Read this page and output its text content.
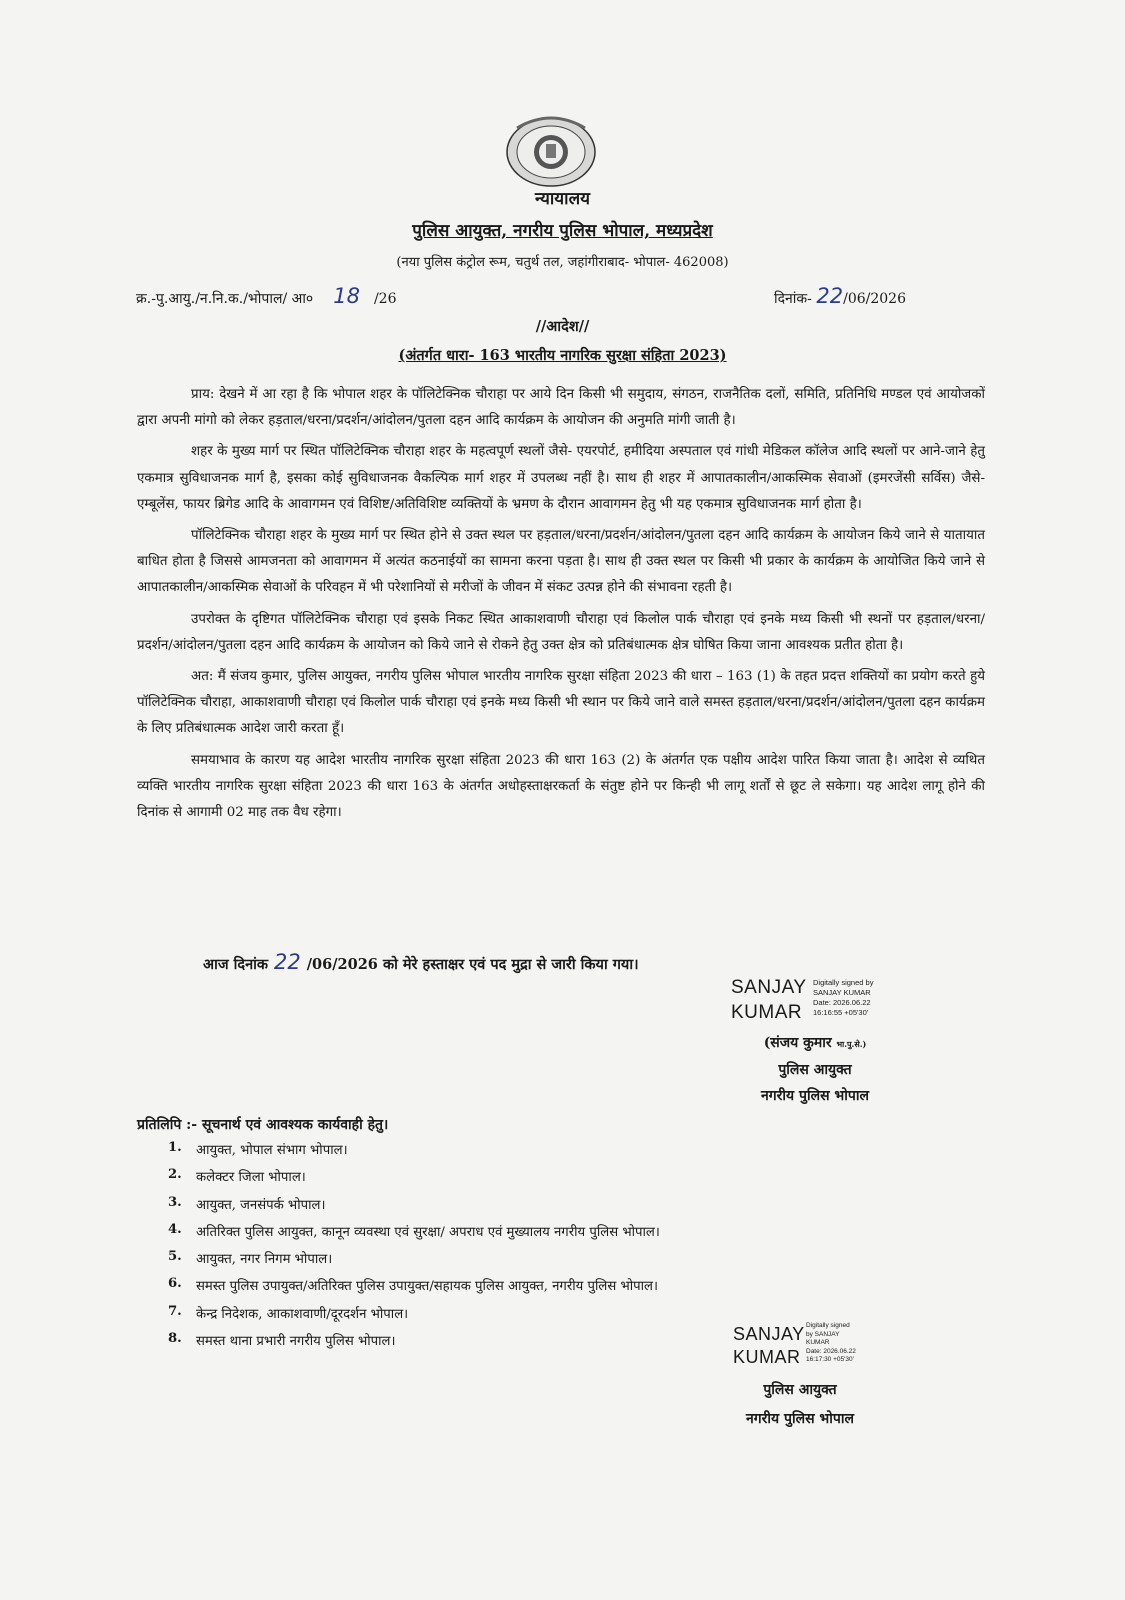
न्यायालय
पुलिस आयुक्त, नगरीय पुलिस भोपाल, मध्यप्रदेश
(नया पुलिस कंट्रोल रूम, चतुर्थ तल, जहांगीराबाद- भोपाल- 462008)
क्र.-पु.आयु./न.नि.क./भोपाल/ आ० 18 /26	दिनांक- 22/06/2026
//आदेश//
(अंतर्गत धारा- 163 भारतीय नागरिक सुरक्षा संहिता 2023)

प्राय: देखने में आ रहा है कि भोपाल शहर के पॉलिटेक्निक चौराहा पर आये दिन किसी भी समुदाय, संगठन, राजनैतिक दलों, समिति, प्रतिनिधि मण्डल एवं आयोजकों द्वारा अपनी मांगो को लेकर हड़ताल/धरना/प्रदर्शन/आंदोलन/पुतला दहन आदि कार्यक्रम के आयोजन की अनुमति मांगी जाती है।

शहर के मुख्य मार्ग पर स्थित पॉलिटेक्निक चौराहा शहर के महत्वपूर्ण स्थलों जैसे- एयरपोर्ट, हमीदिया अस्पताल एवं गांधी मेडिकल कॉलेज आदि स्थलों पर आने-जाने हेतु एकमात्र सुविधाजनक मार्ग है, इसका कोई सुविधाजनक वैकल्पिक मार्ग शहर में उपलब्ध नहीं है। साथ ही शहर में आपातकालीन/आकस्मिक सेवाओं (इमरजेंसी सर्विस) जैसे- एम्बूलेंस, फायर ब्रिगेड आदि के आवागमन एवं विशिष्ट/अतिविशिष्ट व्यक्तियों के भ्रमण के दौरान आवागमन हेतु भी यह एकमात्र सुविधाजनक मार्ग होता है।

पॉलिटेक्निक चौराहा शहर के मुख्य मार्ग पर स्थित होने से उक्त स्थल पर हड़ताल/धरना/प्रदर्शन/आंदोलन/पुतला दहन आदि कार्यक्रम के आयोजन किये जाने से यातायात बाधित होता है जिससे आमजनता को आवागमन में अत्यंत कठनाईयों का सामना करना पड़ता है। साथ ही उक्त स्थल पर किसी भी प्रकार के कार्यक्रम के आयोजित किये जाने से आपातकालीन/आकस्मिक सेवाओं के परिवहन में भी परेशानियों से मरीजों के जीवन में संकट उत्पन्न होने की संभावना रहती है।

उपरोक्त के दृष्टिगत पॉलिटेक्निक चौराहा एवं इसके निकट स्थित आकाशवाणी चौराहा एवं किलोल पार्क चौराहा एवं इनके मध्य किसी भी स्थनों पर हड़ताल/धरना/प्रदर्शन/आंदोलन/पुतला दहन आदि कार्यक्रम के आयोजन को किये जाने से रोकने हेतु उक्त क्षेत्र को प्रतिबंधात्मक क्षेत्र घोषित किया जाना आवश्यक प्रतीत होता है।

अत: मैं संजय कुमार, पुलिस आयुक्त, नगरीय पुलिस भोपाल भारतीय नागरिक सुरक्षा संहिता 2023 की धारा – 163 (1) के तहत प्रदत्त शक्तियों का प्रयोग करते हुये पॉलिटेक्निक चौराहा, आकाशवाणी चौराहा एवं किलोल पार्क चौराहा एवं इनके मध्य किसी भी स्थान पर किये जाने वाले समस्त हड़ताल/धरना/प्रदर्शन/आंदोलन/पुतला दहन कार्यक्रम के लिए प्रतिबंधात्मक आदेश जारी करता हूँ।

समयाभाव के कारण यह आदेश भारतीय नागरिक सुरक्षा संहिता 2023 की धारा 163 (2) के अंतर्गत एक पक्षीय आदेश पारित किया जाता है। आदेश से व्यथित व्यक्ति भारतीय नागरिक सुरक्षा संहिता 2023 की धारा 163 के अंतर्गत अधोहस्ताक्षरकर्ता के संतुष्ट होने पर किन्ही भी लागू शर्तों से छूट ले सकेगा। यह आदेश लागू होने की दिनांक से आगामी 02 माह तक वैध रहेगा।

आज दिनांक 22 /06/2026 को मेरे हस्ताक्षर एवं पद मुद्रा से जारी किया गया।
SANJAY
KUMAR
Digitally signed by
SANJAY KUMAR
Date: 2026.06.22
16:16:55 +05'30'
(संजय कुमार भा.पु.से.)
पुलिस आयुक्त
नगरीय पुलिस भोपाल
प्रतिलिपि :- सूचनार्थ एवं आवश्यक कार्यवाही हेतु।
1.	आयुक्त, भोपाल संभाग भोपाल।
2.	कलेक्टर जिला भोपाल।
3.	आयुक्त, जनसंपर्क भोपाल।
4.	अतिरिक्त पुलिस आयुक्त, कानून व्यवस्था एवं सुरक्षा/ अपराध एवं मुख्यालय नगरीय पुलिस भोपाल।
5.	आयुक्त, नगर निगम भोपाल।
6.	समस्त पुलिस उपायुक्त/अतिरिक्त पुलिस उपायुक्त/सहायक पुलिस आयुक्त, नगरीय पुलिस भोपाल।
7.	केन्द्र निदेशक, आकाशवाणी/दूरदर्शन भोपाल।
8.	समस्त थाना प्रभारी नगरीय पुलिस भोपाल।	SANJAY
KUMAR
Digitally signed
by SANJAY
KUMAR
Date: 2026.06.22
16:17:30 +05'30'
पुलिस आयुक्त
नगरीय पुलिस भोपाल
